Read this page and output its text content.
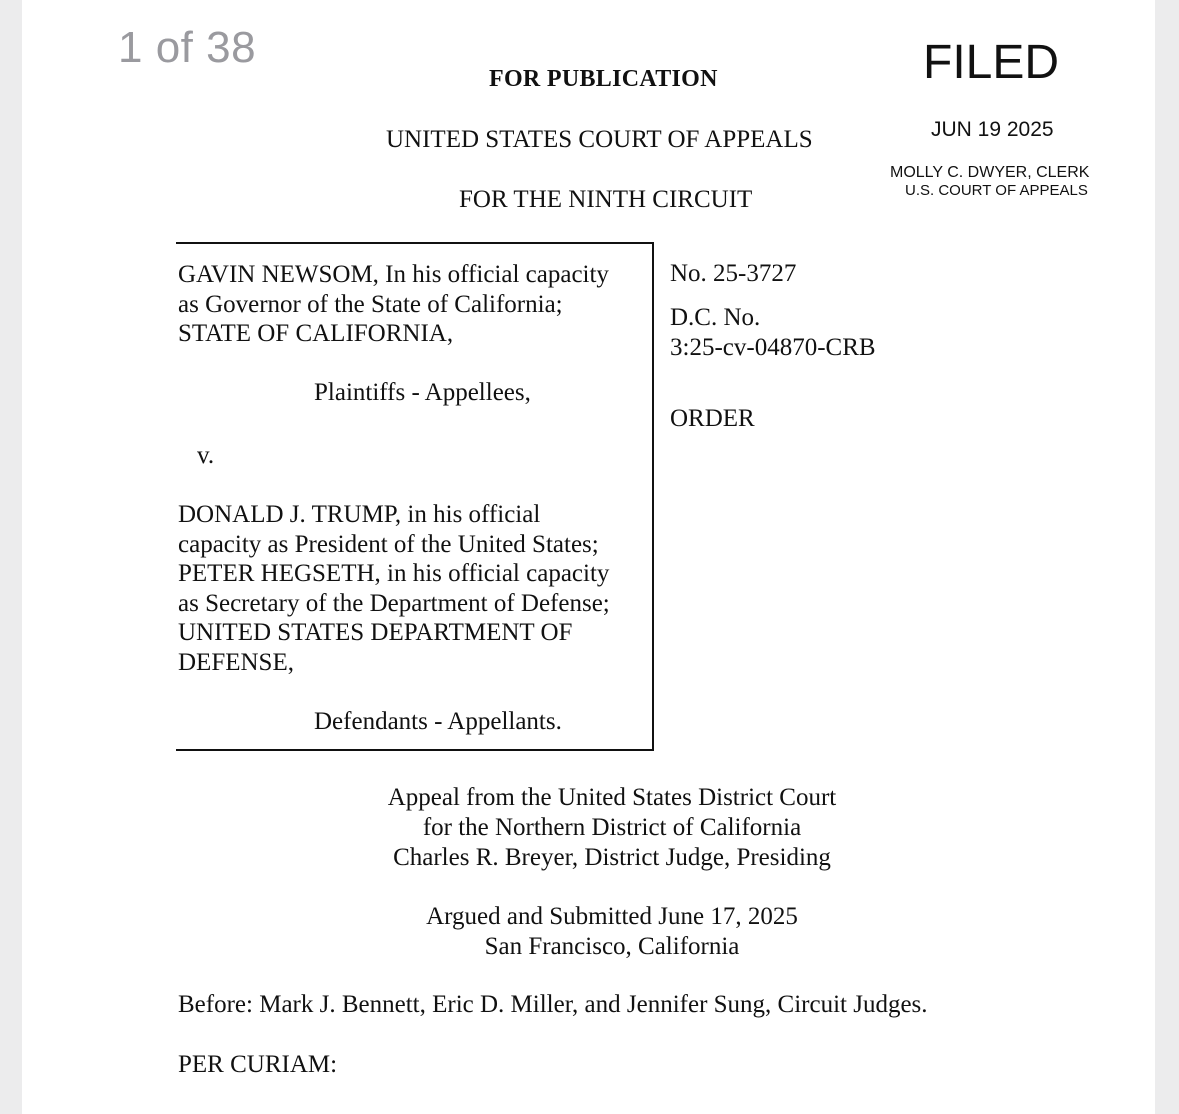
1 of 38
FOR PUBLICATION
UNITED STATES COURT OF APPEALS
FOR THE NINTH CIRCUIT
FILED
JUN 19 2025
MOLLY C. DWYER, CLERK
U.S. COURT OF APPEALS
GAVIN NEWSOM, In his official capacity
as Governor of the State of California;
STATE OF CALIFORNIA,
Plaintiffs - Appellees,
v.
DONALD J. TRUMP, in his official
capacity as President of the United States;
PETER HEGSETH, in his official capacity
as Secretary of the Department of Defense;
UNITED STATES DEPARTMENT OF
DEFENSE,
Defendants - Appellants.
No. 25-3727
D.C. No.
3:25-cv-04870-CRB
ORDER
Appeal from the United States District Court
for the Northern District of California
Charles R. Breyer, District Judge, Presiding
Argued and Submitted June 17, 2025
San Francisco, California
Before: Mark J. Bennett, Eric D. Miller, and Jennifer Sung, Circuit Judges.
PER CURIAM:
